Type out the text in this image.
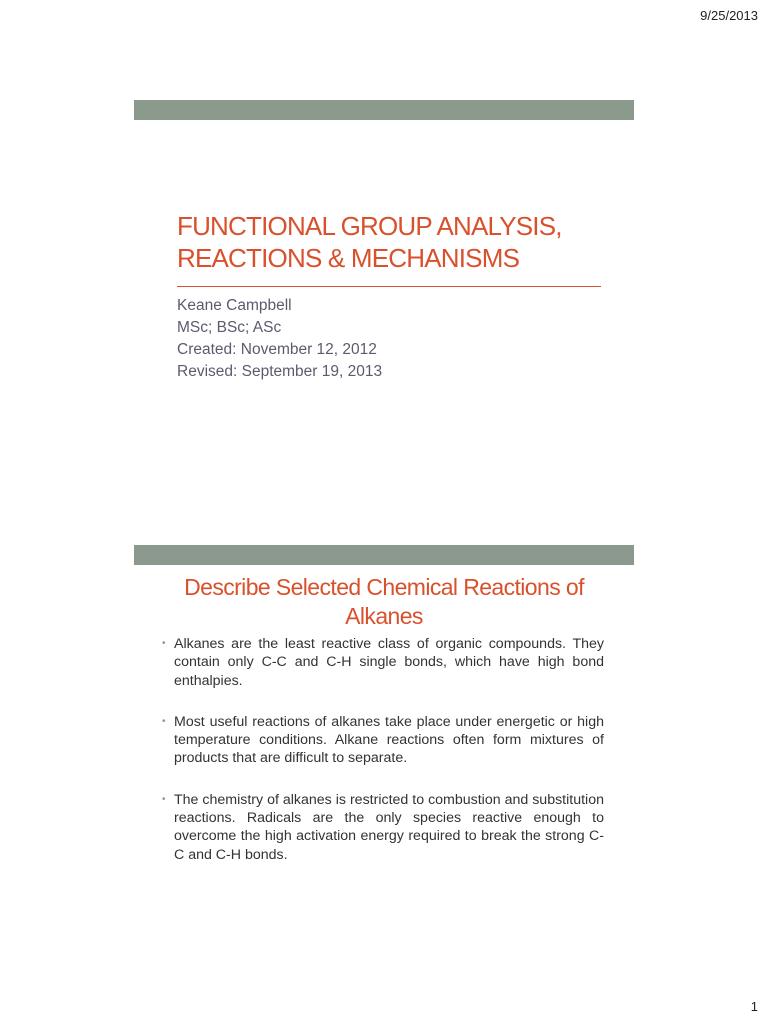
9/25/2013
FUNCTIONAL GROUP ANALYSIS,
REACTIONS & MECHANISMS
Keane Campbell
MSc; BSc; ASc
Created: November 12, 2012
Revised: September 19, 2013
Describe Selected Chemical Reactions of Alkanes
• Alkanes are the least reactive class of organic compounds. They contain only C-C and C-H single bonds, which have high bond enthalpies.
• Most useful reactions of alkanes take place under energetic or high temperature conditions. Alkane reactions often form mixtures of products that are difficult to separate.
• The chemistry of alkanes is restricted to combustion and substitution reactions. Radicals are the only species reactive enough to overcome the high activation energy required to break the strong C-C and C-H bonds.
1
